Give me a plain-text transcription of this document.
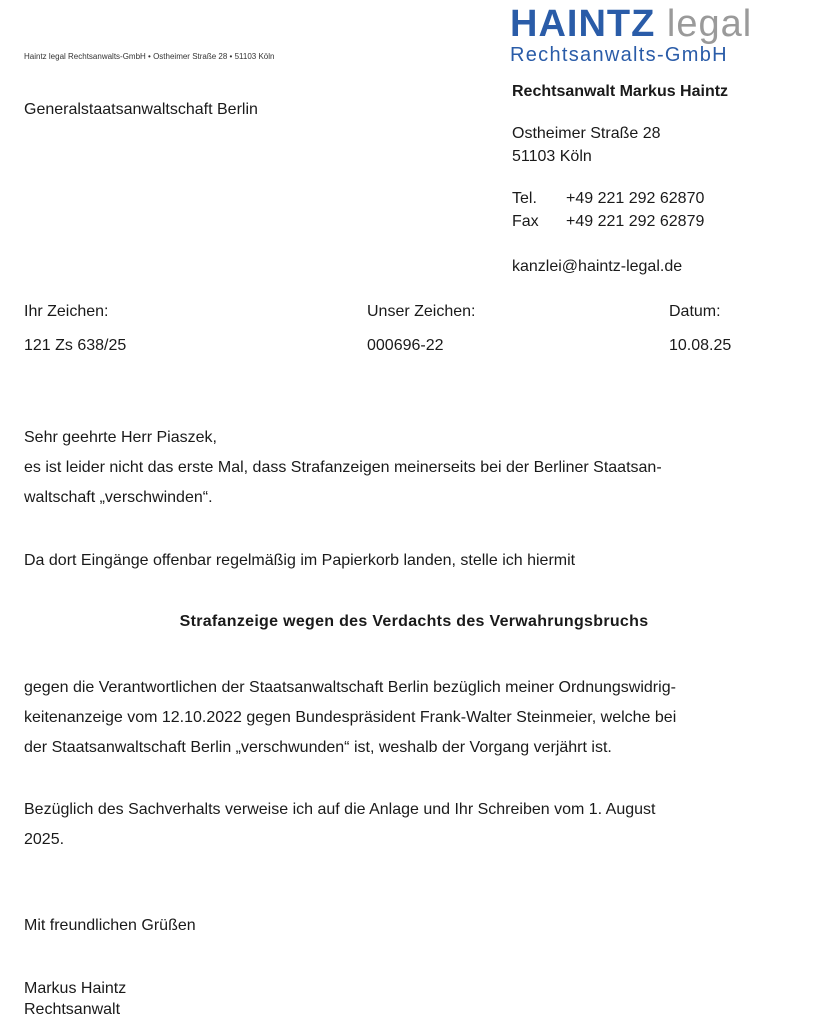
HAINTZ legal
Rechtsanwalts-GmbH
Haintz legal Rechtsanwalts-GmbH • Ostheimer Straße 28 • 51103 Köln
Generalstaatsanwaltschaft Berlin
Rechtsanwalt Markus Haintz
Ostheimer Straße 28
51103 Köln
Tel. +49 221 292 62870
Fax +49 221 292 62879
kanzlei@haintz-legal.de
Ihr Zeichen:
121 Zs 638/25
Unser Zeichen:
000696-22
Datum:
10.08.25
Sehr geehrte Herr Piaszek,
es ist leider nicht das erste Mal, dass Strafanzeigen meinerseits bei der Berliner Staatsan-
waltschaft „verschwinden“.
Da dort Eingänge offenbar regelmäßig im Papierkorb landen, stelle ich hiermit
Strafanzeige wegen des Verdachts des Verwahrungsbruchs
gegen die Verantwortlichen der Staatsanwaltschaft Berlin bezüglich meiner Ordnungswidrig-
keitenanzeige vom 12.10.2022 gegen Bundespräsident Frank-Walter Steinmeier, welche bei
der Staatsanwaltschaft Berlin „verschwunden“ ist, weshalb der Vorgang verjährt ist.
Bezüglich des Sachverhalts verweise ich auf die Anlage und Ihr Schreiben vom 1. August
2025.
Mit freundlichen Grüßen
Markus Haintz
Rechtsanwalt
